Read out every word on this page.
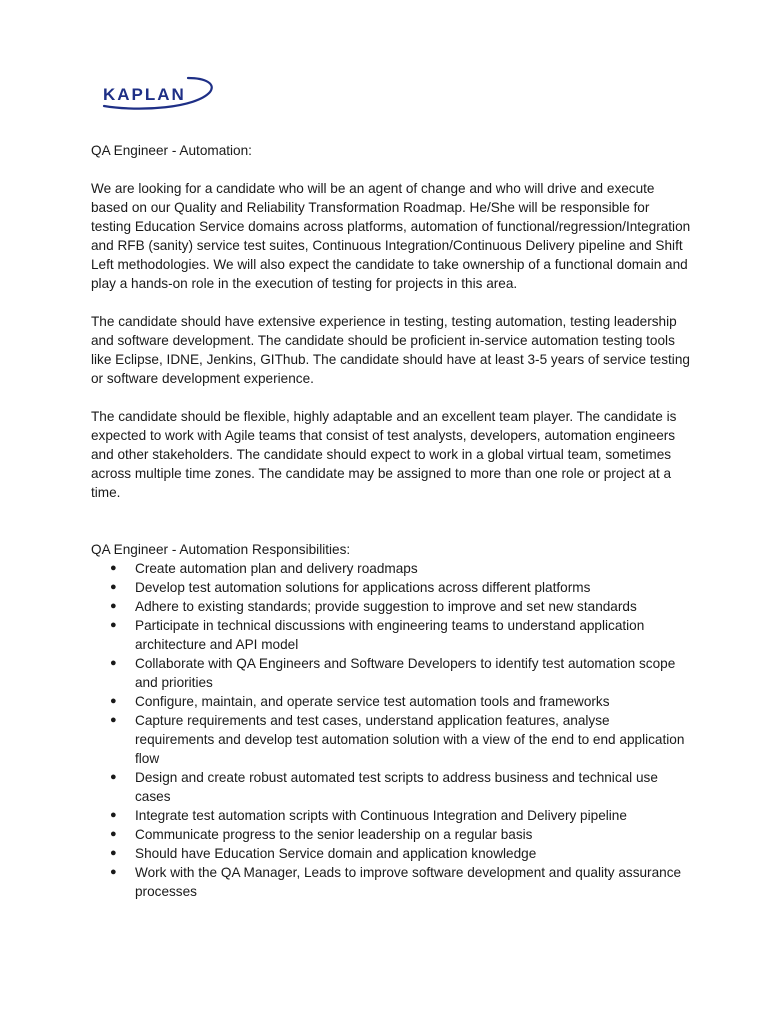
KAPLAN

QA Engineer - Automation:

We are looking for a candidate who will be an agent of change and who will drive and execute based on our Quality and Reliability Transformation Roadmap. He/She will be responsible for testing Education Service domains across platforms, automation of functional/regression/Integration and RFB (sanity) service test suites, Continuous Integration/Continuous Delivery pipeline and Shift Left methodologies. We will also expect the candidate to take ownership of a functional domain and play a hands-on role in the execution of testing for projects in this area.

The candidate should have extensive experience in testing, testing automation, testing leadership and software development. The candidate should be proficient in-service automation testing tools like Eclipse, IDNE, Jenkins, GIThub. The candidate should have at least 3-5 years of service testing or software development experience.

The candidate should be flexible, highly adaptable and an excellent team player. The candidate is expected to work with Agile teams that consist of test analysts, developers, automation engineers and other stakeholders. The candidate should expect to work in a global virtual team, sometimes across multiple time zones. The candidate may be assigned to more than one role or project at a time.

QA Engineer - Automation Responsibilities:

● Create automation plan and delivery roadmaps
● Develop test automation solutions for applications across different platforms
● Adhere to existing standards; provide suggestion to improve and set new standards
● Participate in technical discussions with engineering teams to understand application architecture and API model
● Collaborate with QA Engineers and Software Developers to identify test automation scope and priorities
● Configure, maintain, and operate service test automation tools and frameworks
● Capture requirements and test cases, understand application features, analyse requirements and develop test automation solution with a view of the end to end application flow
● Design and create robust automated test scripts to address business and technical use cases
● Integrate test automation scripts with Continuous Integration and Delivery pipeline
● Communicate progress to the senior leadership on a regular basis
● Should have Education Service domain and application knowledge
● Work with the QA Manager, Leads to improve software development and quality assurance processes
